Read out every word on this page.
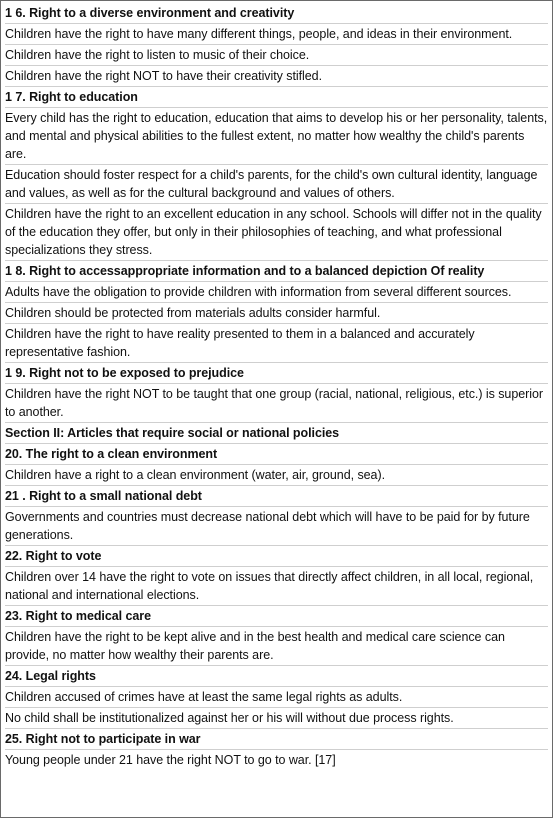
1 6. Right to a diverse environment and creativity

Children have the right to have many different things, people, and ideas in their environment.

Children have the right to listen to music of their choice.

Children have the right NOT to have their creativity stifled.

1 7. Right to education

Every child has the right to education, education that aims to develop his or her personality, talents, and mental and physical abilities to the fullest extent, no matter how wealthy the child's parents are.

Education should foster respect for a child's parents, for the child's own cultural identity, language and values, as well as for the cultural background and values of others.

Children have the right to an excellent education in any school. Schools will differ not in the quality of the education they offer, but only in their philosophies of teaching, and what professional specializations they stress.

1 8. Right to accessappropriate information and to a balanced depiction Of reality

Adults have the obligation to provide children with information from several different sources.

Children should be protected from materials adults consider harmful.

Children have the right to have reality presented to them in a balanced and accurately representative fashion.

1 9. Right not to be exposed to prejudice

Children have the right NOT to be taught that one group (racial, national, religious, etc.) is superior to another.

Section II: Articles that require social or national policies

20. The right to a clean environment

Children have a right to a clean environment (water, air, ground, sea).

21 . Right to a small national debt

Governments and countries must decrease national debt which will have to be paid for by future generations.

22. Right to vote

Children over 14 have the right to vote on issues that directly affect children, in all local, regional, national and international elections.

23. Right to medical care

Children have the right to be kept alive and in the best health and medical care science can provide, no matter how wealthy their parents are.

24. Legal rights

Children accused of crimes have at least the same legal rights as adults.

No child shall be institutionalized against her or his will without due process rights.

25. Right not to participate in war

Young people under 21 have the right NOT to go to war. [17]
